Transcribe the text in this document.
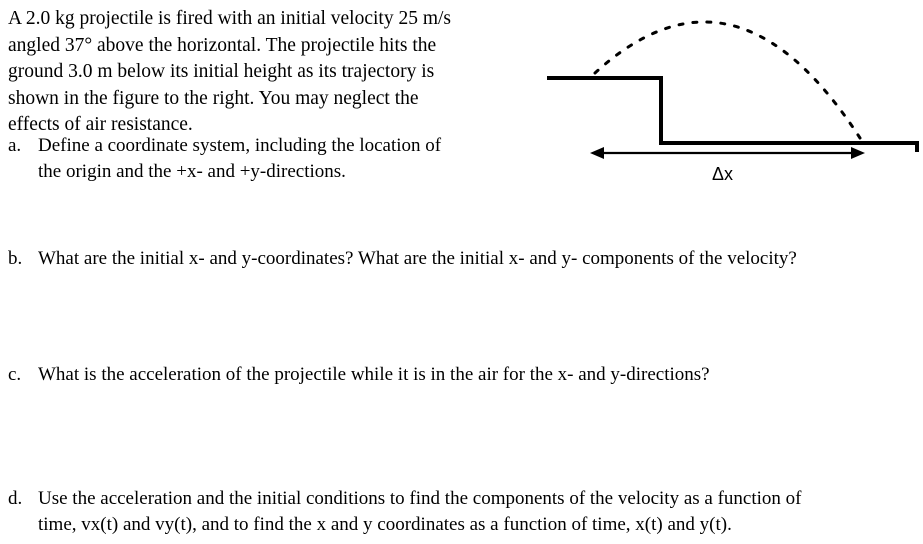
A 2.0 kg projectile is fired with an initial velocity 25 m/s

angled 37° above the horizontal. The projectile hits the

ground 3.0 m below its initial height as its trajectory is

shown in the figure to the right. You may neglect the

effects of air resistance.

a. Define a coordinate system, including the location of
the origin and the +x- and +y-directions.	Δx
b. What are the initial x- and y-coordinates? What are the initial x- and y- components of the velocity?
c. What is the acceleration of the projectile while it is in the air for the x- and y-directions?
d. Use the acceleration and the initial conditions to find the components of the velocity as a function of
time, vx(t) and vy(t), and to find the x and y coordinates as a function of time, x(t) and y(t).
